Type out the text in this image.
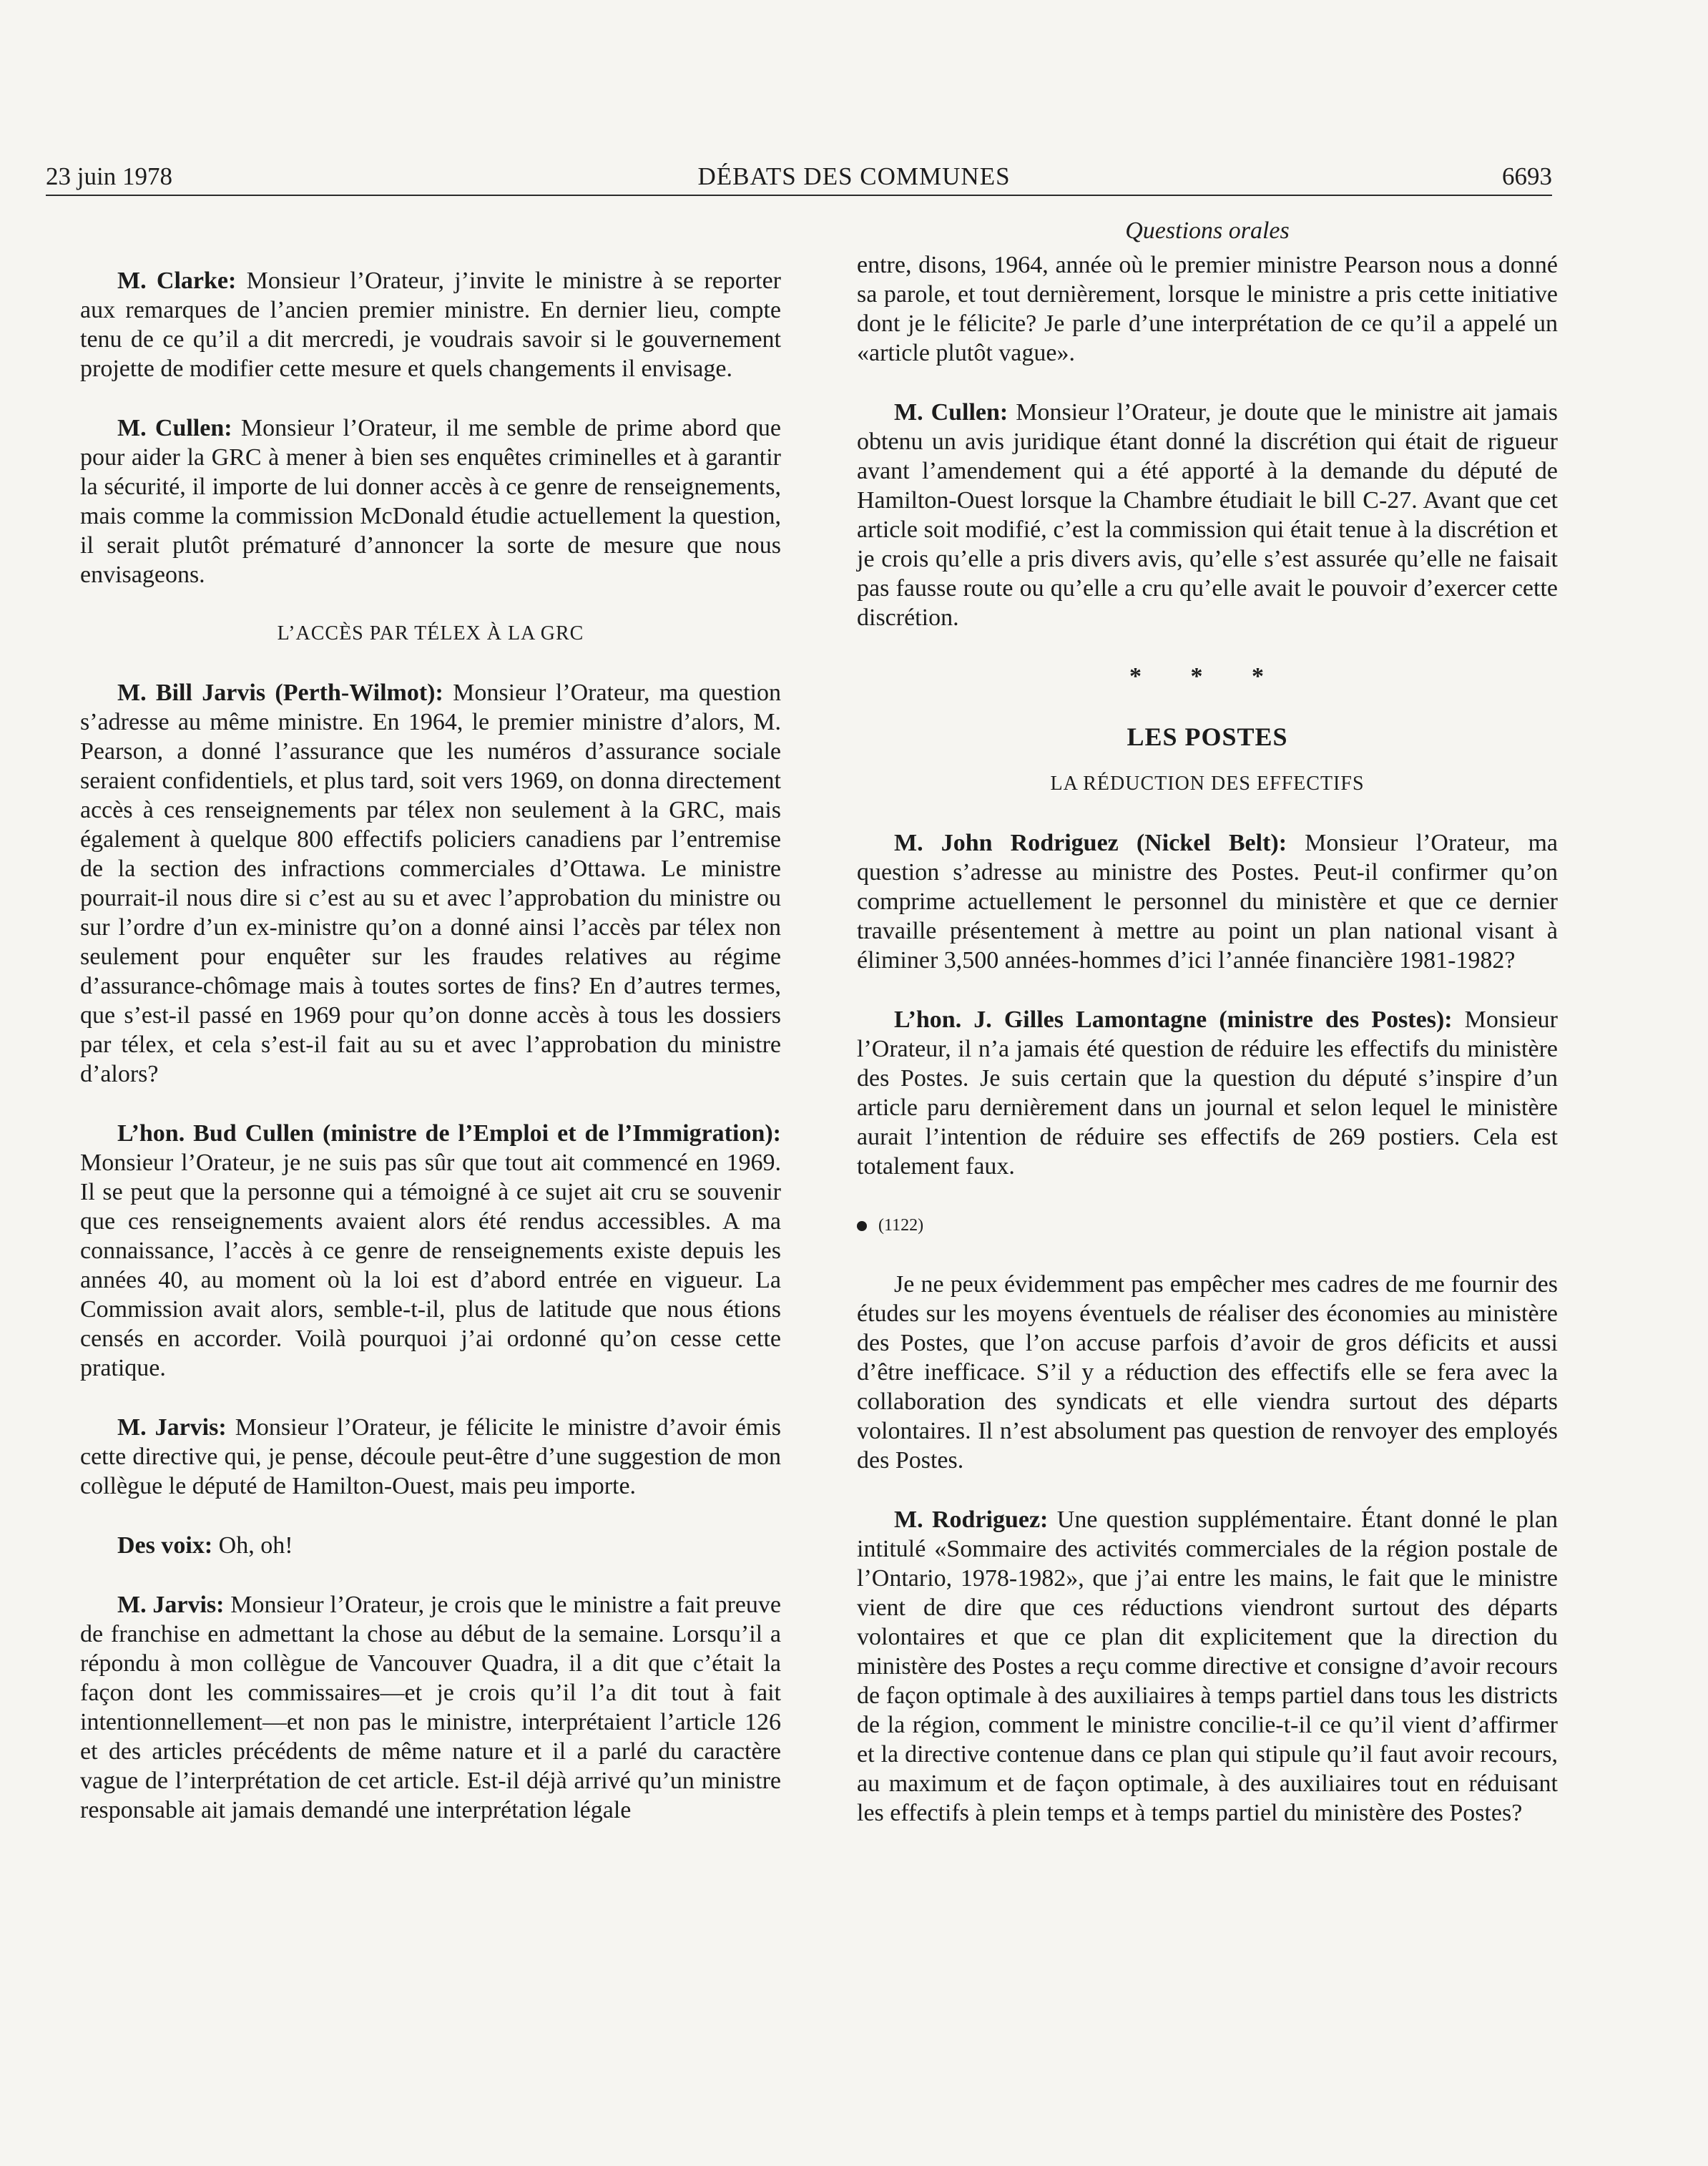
23 juin 1978	DÉBATS DES COMMUNES	6693

M. Clarke: Monsieur l’Orateur, j’invite le ministre à se reporter aux remarques de l’ancien premier ministre. En dernier lieu, compte tenu de ce qu’il a dit mercredi, je voudrais savoir si le gouvernement projette de modifier cette mesure et quels changements il envisage.

M. Cullen: Monsieur l’Orateur, il me semble de prime abord que pour aider la GRC à mener à bien ses enquêtes criminelles et à garantir la sécurité, il importe de lui donner accès à ce genre de renseignements, mais comme la commission McDonald étudie actuellement la question, il serait plutôt prématuré d’annoncer la sorte de mesure que nous envisageons.

L’ACCÈS PAR TÉLEX À LA GRC

M. Bill Jarvis (Perth-Wilmot): Monsieur l’Orateur, ma question s’adresse au même ministre. En 1964, le premier ministre d’alors, M. Pearson, a donné l’assurance que les numéros d’assurance sociale seraient confidentiels, et plus tard, soit vers 1969, on donna directement accès à ces renseignements par télex non seulement à la GRC, mais également à quelque 800 effectifs policiers canadiens par l’entremise de la section des infractions commerciales d’Ottawa. Le ministre pourrait-il nous dire si c’est au su et avec l’approbation du ministre ou sur l’ordre d’un ex-ministre qu’on a donné ainsi l’accès par télex non seulement pour enquêter sur les fraudes relatives au régime d’assurance-chômage mais à toutes sortes de fins? En d’autres termes, que s’est-il passé en 1969 pour qu’on donne accès à tous les dossiers par télex, et cela s’est-il fait au su et avec l’approbation du ministre d’alors?

L’hon. Bud Cullen (ministre de l’Emploi et de l’Immigration): Monsieur l’Orateur, je ne suis pas sûr que tout ait commencé en 1969. Il se peut que la personne qui a témoigné à ce sujet ait cru se souvenir que ces renseignements avaient alors été rendus accessibles. A ma connaissance, l’accès à ce genre de renseignements existe depuis les années 40, au moment où la loi est d’abord entrée en vigueur. La Commission avait alors, semble-t-il, plus de latitude que nous étions censés en accorder. Voilà pourquoi j’ai ordonné qu’on cesse cette pratique.

M. Jarvis: Monsieur l’Orateur, je félicite le ministre d’avoir émis cette directive qui, je pense, découle peut-être d’une suggestion de mon collègue le député de Hamilton-Ouest, mais peu importe.

Des voix: Oh, oh!

M. Jarvis: Monsieur l’Orateur, je crois que le ministre a fait preuve de franchise en admettant la chose au début de la semaine. Lorsqu’il a répondu à mon collègue de Vancouver Quadra, il a dit que c’était la façon dont les commissaires—et je crois qu’il l’a dit tout à fait intentionnellement—et non pas le ministre, interprétaient l’article 126 et des articles précédents de même nature et il a parlé du caractère vague de l’interprétation de cet article. Est-il déjà arrivé qu’un ministre responsable ait jamais demandé une interprétation légale

Questions orales

entre, disons, 1964, année où le premier ministre Pearson nous a donné sa parole, et tout dernièrement, lorsque le ministre a pris cette initiative dont je le félicite? Je parle d’une interprétation de ce qu’il a appelé un «article plutôt vague».

M. Cullen: Monsieur l’Orateur, je doute que le ministre ait jamais obtenu un avis juridique étant donné la discrétion qui était de rigueur avant l’amendement qui a été apporté à la demande du député de Hamilton-Ouest lorsque la Chambre étudiait le bill C-27. Avant que cet article soit modifié, c’est la commission qui était tenue à la discrétion et je crois qu’elle a pris divers avis, qu’elle s’est assurée qu’elle ne faisait pas fausse route ou qu’elle a cru qu’elle avait le pouvoir d’exercer cette discrétion.

* * *
LES POSTES
LA RÉDUCTION DES EFFECTIFS

M. John Rodriguez (Nickel Belt): Monsieur l’Orateur, ma question s’adresse au ministre des Postes. Peut-il confirmer qu’on comprime actuellement le personnel du ministère et que ce dernier travaille présentement à mettre au point un plan national visant à éliminer 3,500 années-hommes d’ici l’année financière 1981-1982?

L’hon. J. Gilles Lamontagne (ministre des Postes): Monsieur l’Orateur, il n’a jamais été question de réduire les effectifs du ministère des Postes. Je suis certain que la question du député s’inspire d’un article paru dernièrement dans un journal et selon lequel le ministère aurait l’intention de réduire ses effectifs de 269 postiers. Cela est totalement faux.

(1122)

Je ne peux évidemment pas empêcher mes cadres de me fournir des études sur les moyens éventuels de réaliser des économies au ministère des Postes, que l’on accuse parfois d’avoir de gros déficits et aussi d’être inefficace. S’il y a réduction des effectifs elle se fera avec la collaboration des syndicats et elle viendra surtout des départs volontaires. Il n’est absolument pas question de renvoyer des employés des Postes.

M. Rodriguez: Une question supplémentaire. Étant donné le plan intitulé «Sommaire des activités commerciales de la région postale de l’Ontario, 1978-1982», que j’ai entre les mains, le fait que le ministre vient de dire que ces réductions viendront surtout des départs volontaires et que ce plan dit explicitement que la direction du ministère des Postes a reçu comme directive et consigne d’avoir recours de façon optimale à des auxiliaires à temps partiel dans tous les districts de la région, comment le ministre concilie-t-il ce qu’il vient d’affirmer et la directive contenue dans ce plan qui stipule qu’il faut avoir recours, au maximum et de façon optimale, à des auxiliaires tout en réduisant les effectifs à plein temps et à temps partiel du ministère des Postes?
